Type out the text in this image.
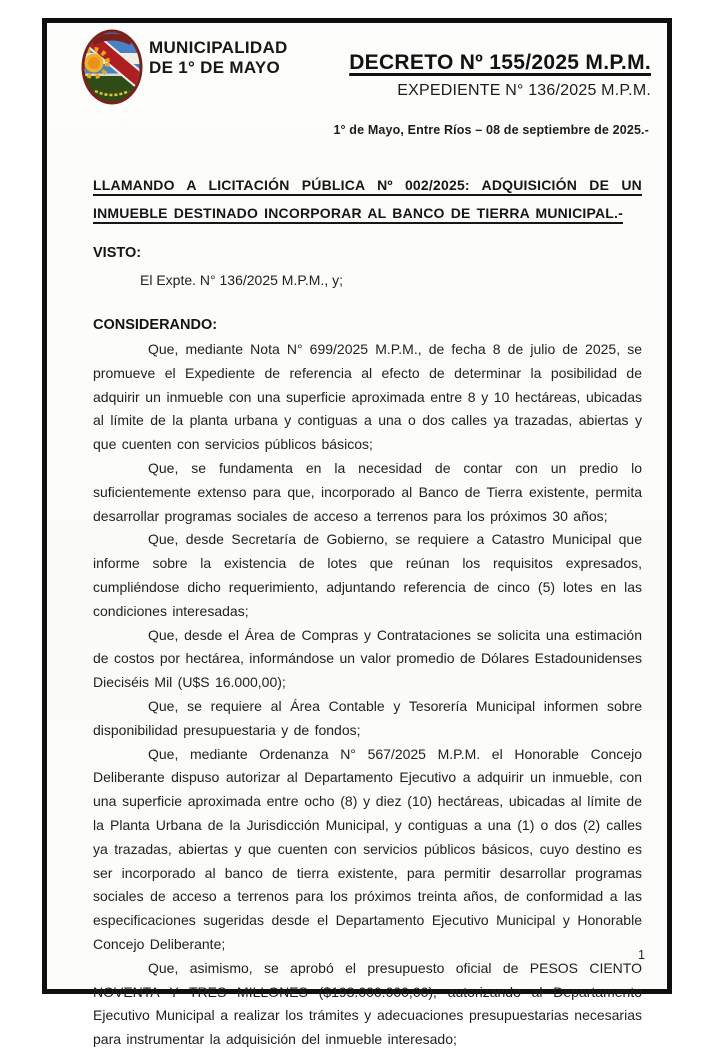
MUNICIPALIDAD
DE 1° DE MAYO	DECRETO Nº 155/2025 M.P.M.
EXPEDIENTE N° 136/2025 M.P.M.
1° de Mayo, Entre Ríos – 08 de septiembre de 2025.-
LLAMANDO A LICITACIÓN PÚBLICA Nº 002/2025: ADQUISICIÓN DE UN INMUEBLE DESTINADO INCORPORAR AL BANCO DE TIERRA MUNICIPAL.-
VISTO:
El Expte. N° 136/2025 M.P.M., y;
CONSIDERANDO:

Que, mediante Nota N° 699/2025 M.P.M., de fecha 8 de julio de 2025, se promueve el Expediente de referencia al efecto de determinar la posibilidad de adquirir un inmueble con una superficie aproximada entre 8 y 10 hectáreas, ubicadas al límite de la planta urbana y contiguas a una o dos calles ya trazadas, abiertas y que cuenten con servicios públicos básicos;

Que, se fundamenta en la necesidad de contar con un predio lo suficientemente extenso para que, incorporado al Banco de Tierra existente, permita desarrollar programas sociales de acceso a terrenos para los próximos 30 años;

Que, desde Secretaría de Gobierno, se requiere a Catastro Municipal que informe sobre la existencia de lotes que reúnan los requisitos expresados, cumpliéndose dicho requerimiento, adjuntando referencia de cinco (5) lotes en las condiciones interesadas;

Que, desde el Área de Compras y Contrataciones se solicita una estimación de costos por hectárea, informándose un valor promedio de Dólares Estadounidenses Dieciséis Mil (U$S 16.000,00);

Que, se requiere al Área Contable y Tesorería Municipal informen sobre disponibilidad presupuestaria y de fondos;

Que, mediante Ordenanza N° 567/2025 M.P.M. el Honorable Concejo Deliberante dispuso autorizar al Departamento Ejecutivo a adquirir un inmueble, con una superficie aproximada entre ocho (8) y diez (10) hectáreas, ubicadas al límite de la Planta Urbana de la Jurisdicción Municipal, y contiguas a una (1) o dos (2) calles ya trazadas, abiertas y que cuenten con servicios públicos básicos, cuyo destino es ser incorporado al banco de tierra existente, para permitir desarrollar programas sociales de acceso a terrenos para los próximos treinta años, de conformidad a las especificaciones sugeridas desde el Departamento Ejecutivo Municipal y Honorable Concejo Deliberante;

Que, asimismo, se aprobó el presupuesto oficial de PESOS CIENTO NOVENTA Y TRES MILLONES ($193.000.000,00), autorizando al Departamento Ejecutivo Municipal a realizar los trámites y adecuaciones presupuestarias necesarias para instrumentar la adquisición del inmueble interesado;

1
